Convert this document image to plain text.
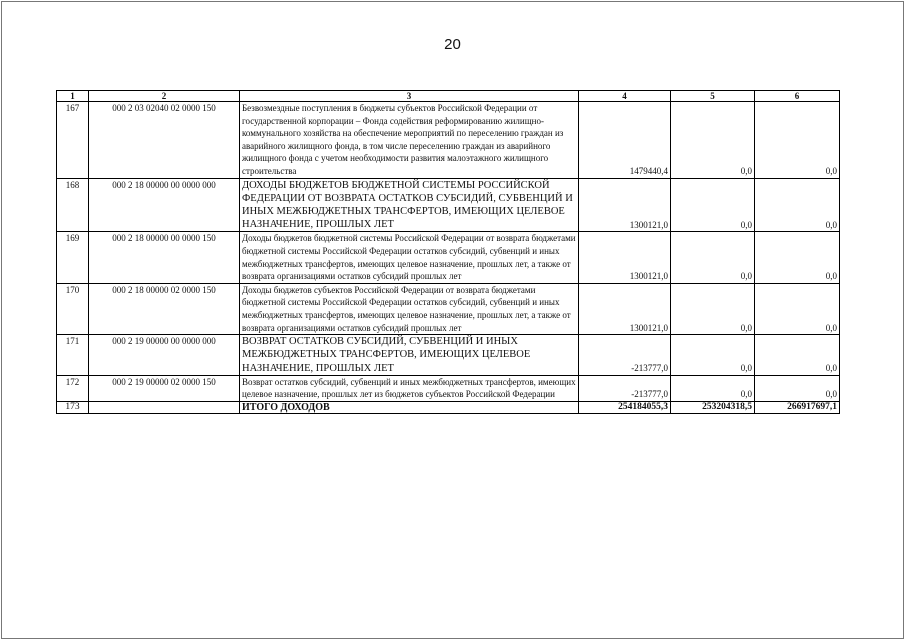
20
1	2	3	4	5	6
167	000 2 03 02040 02 0000 150	Безвозмездные поступления в бюджеты субъектов Российской Федерации от государственной корпорации – Фонда содействия реформированию жилищно-коммунального хозяйства на обеспечение мероприятий по переселению граждан из аварийного жилищного фонда, в том числе переселению граждан из аварийного жилищного фонда с учетом необходимости развития малоэтажного жилищного строительства	1479440,4	0,0	0,0
168	000 2 18 00000 00 0000 000	ДОХОДЫ БЮДЖЕТОВ БЮДЖЕТНОЙ СИСТЕМЫ РОССИЙСКОЙ ФЕДЕРАЦИИ ОТ ВОЗВРАТА ОСТАТКОВ СУБСИДИЙ, СУБВЕНЦИЙ И ИНЫХ МЕЖБЮДЖЕТНЫХ ТРАНСФЕРТОВ, ИМЕЮЩИХ ЦЕЛЕВОЕ НАЗНАЧЕНИЕ, ПРОШЛЫХ ЛЕТ	1300121,0	0,0	0,0
169	000 2 18 00000 00 0000 150	Доходы бюджетов бюджетной системы Российской Федерации от возврата бюджетами бюджетной системы Российской Федерации остатков субсидий, субвенций и иных межбюджетных трансфертов, имеющих целевое назначение, прошлых лет, а также от возврата организациями остатков субсидий прошлых лет	1300121,0	0,0	0,0
170	000 2 18 00000 02 0000 150	Доходы бюджетов субъектов Российской Федерации от возврата бюджетами бюджетной системы Российской Федерации остатков субсидий, субвенций и иных межбюджетных трансфертов, имеющих целевое назначение, прошлых лет, а также от возврата организациями остатков субсидий прошлых лет	1300121,0	0,0	0,0
171	000 2 19 00000 00 0000 000	ВОЗВРАТ ОСТАТКОВ СУБСИДИЙ, СУБВЕНЦИЙ И ИНЫХ МЕЖБЮДЖЕТНЫХ ТРАНСФЕРТОВ, ИМЕЮЩИХ ЦЕЛЕВОЕ НАЗНАЧЕНИЕ, ПРОШЛЫХ ЛЕТ	-213777,0	0,0	0,0
172	000 2 19 00000 02 0000 150	Возврат остатков субсидий, субвенций и иных межбюджетных трансфертов, имеющих целевое назначение, прошлых лет из бюджетов субъектов Российской Федерации	-213777,0	0,0	0,0
173		ИТОГО ДОХОДОВ	254184055,3	253204318,5	266917697,1
